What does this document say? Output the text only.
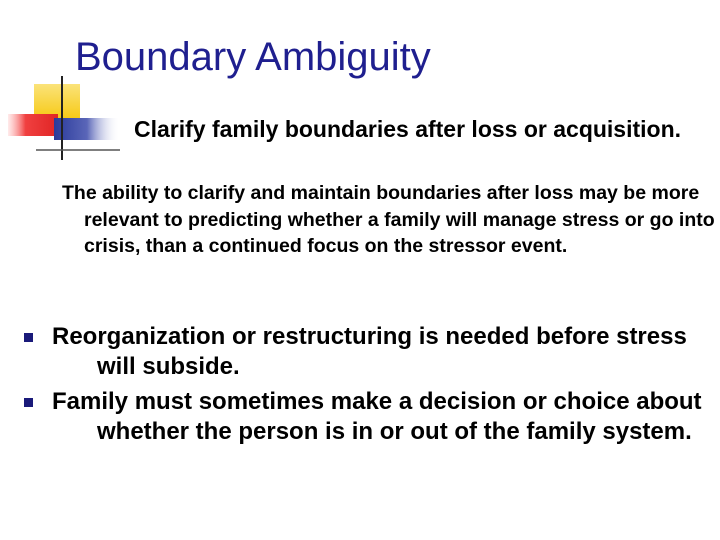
Boundary Ambiguity
Clarify family boundaries after loss or acquisition.
The ability to clarify and maintain boundaries after loss may be more relevant to predicting whether a family will manage stress or go into crisis, than a continued focus on the stressor event.
Reorganization or restructuring is needed before stress will subside.
Family must sometimes make a decision or choice about whether the person is in or out of the family system.
